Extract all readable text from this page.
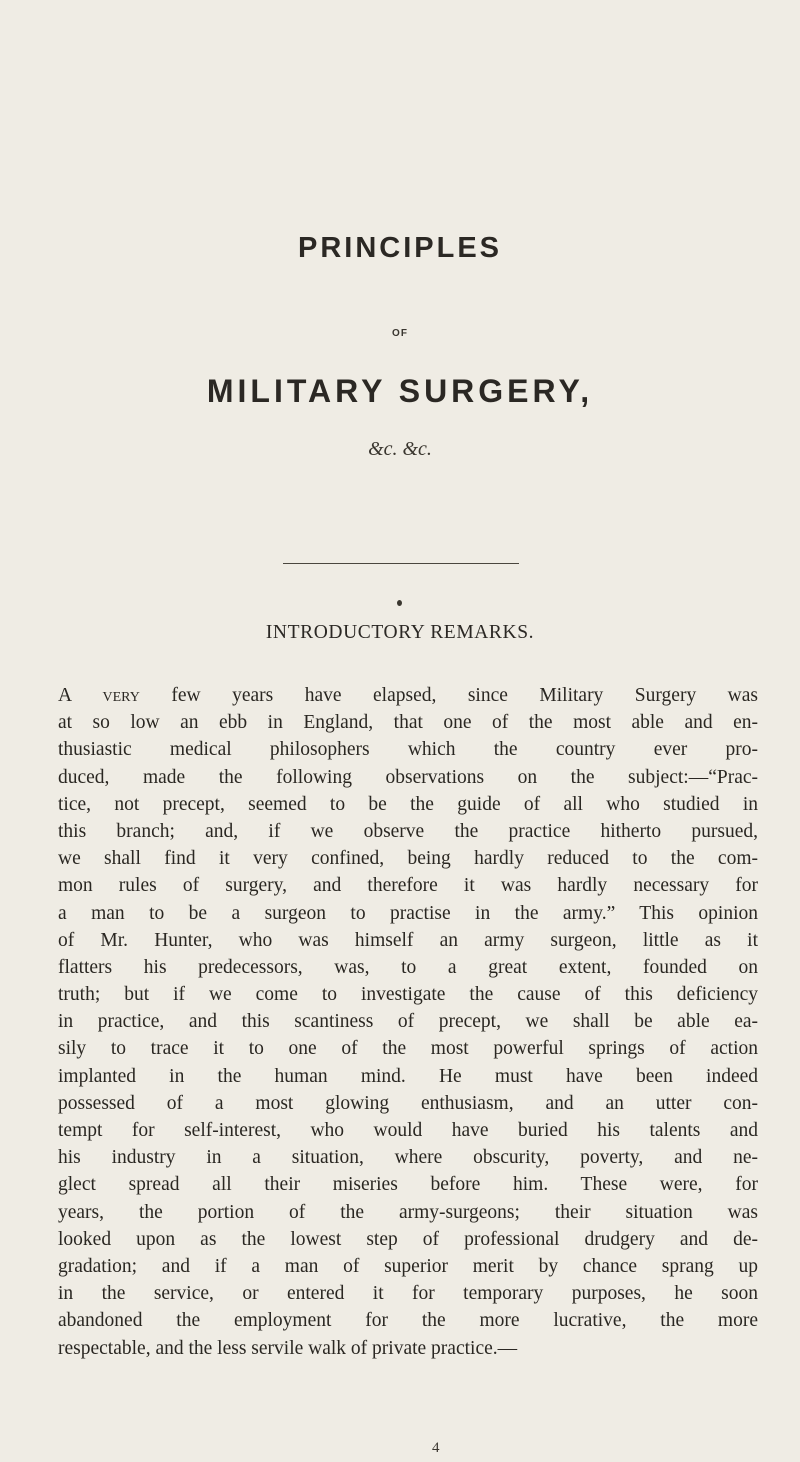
PRINCIPLES
OF
MILITARY SURGERY,
&c. &c.
INTRODUCTORY REMARKS.
A very few years have elapsed, since Military Surgery was
at so low an ebb in England, that one of the most able and en-
thusiastic medical philosophers which the country ever pro-
duced, made the following observations on the subject:—“Prac-
tice, not precept, seemed to be the guide of all who studied in
this branch; and, if we observe the practice hitherto pursued,
we shall find it very confined, being hardly reduced to the com-
mon rules of surgery, and therefore it was hardly necessary for
a man to be a surgeon to practise in the army.” This opinion
of Mr. Hunter, who was himself an army surgeon, little as it
flatters his predecessors, was, to a great extent, founded on
truth; but if we come to investigate the cause of this deficiency
in practice, and this scantiness of precept, we shall be able ea-
sily to trace it to one of the most powerful springs of action
implanted in the human mind. He must have been indeed
possessed of a most glowing enthusiasm, and an utter con-
tempt for self-interest, who would have buried his talents and
his industry in a situation, where obscurity, poverty, and ne-
glect spread all their miseries before him. These were, for
years, the portion of the army-surgeons; their situation was
looked upon as the lowest step of professional drudgery and de-
gradation; and if a man of superior merit by chance sprang up
in the service, or entered it for temporary purposes, he soon
abandoned the employment for the more lucrative, the more
respectable, and the less servile walk of private practice.—
4
